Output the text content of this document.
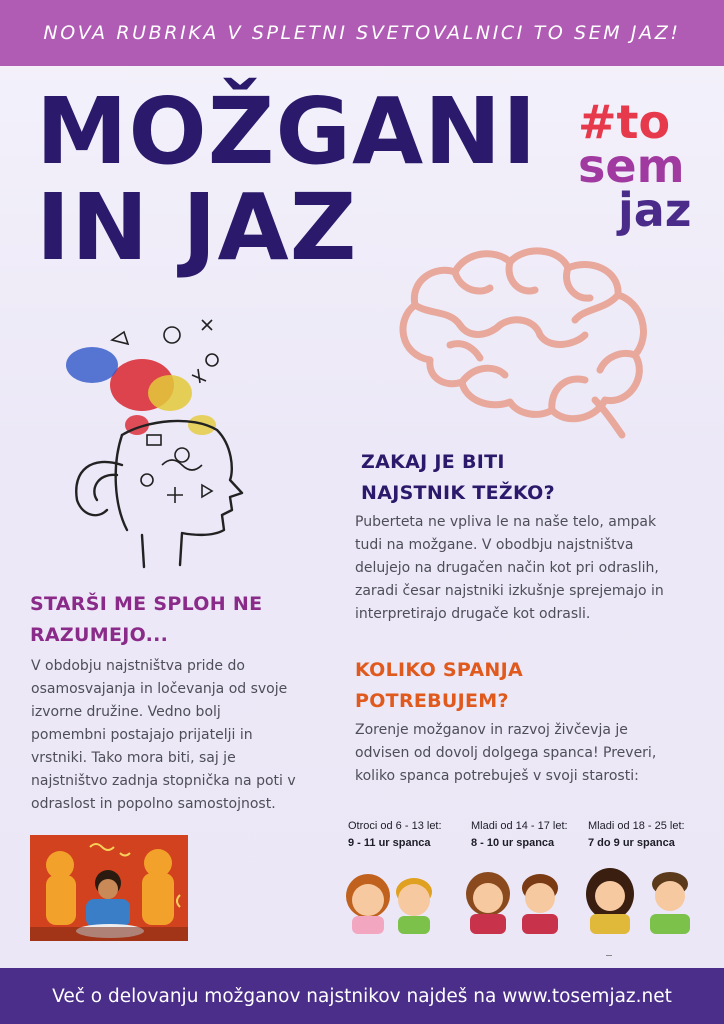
NOVA RUBRIKA V SPLETNI SVETOVALNICI TO SEM JAZ!
MOŽGANI
IN JAZ
#to
sem
jaz
ZAKAJ JE BITI
NAJSTNIK TEŽKO?
Puberteta ne vpliva le na naše telo, ampak
tudi na možgane. V obodbju najstništva
delujejo na drugačen način kot pri odraslih,
zaradi česar najstniki izkušnje sprejemajo in
interpretirajo drugače kot odrasli.
STARŠI ME SPLOH NE
RAZUMEJO...
V obdobju najstništva pride do
osamosvajanja in ločevanja od svoje
izvorne družine. Vedno bolj
pomembni postajajo prijatelji in
vrstniki. Tako mora biti, saj je
najstništvo zadnja stopnička na poti v
odraslost in popolno samostojnost.
KOLIKO SPANJA
POTREBUJEM?
Zorenje možganov in razvoj živčevja je
odvisen od dovolj dolgega spanca! Preveri,
koliko spanca potrebuješ v svoji starosti:
Otroci od 6 - 13 let:
9 - 11 ur spanca
Mladi od 14 - 17 let:
8 - 10 ur spanca
Mladi od 18 - 25 let:
7 do 9 ur spanca
Več o delovanju možganov najstnikov najdeš na www.tosemjaz.net
